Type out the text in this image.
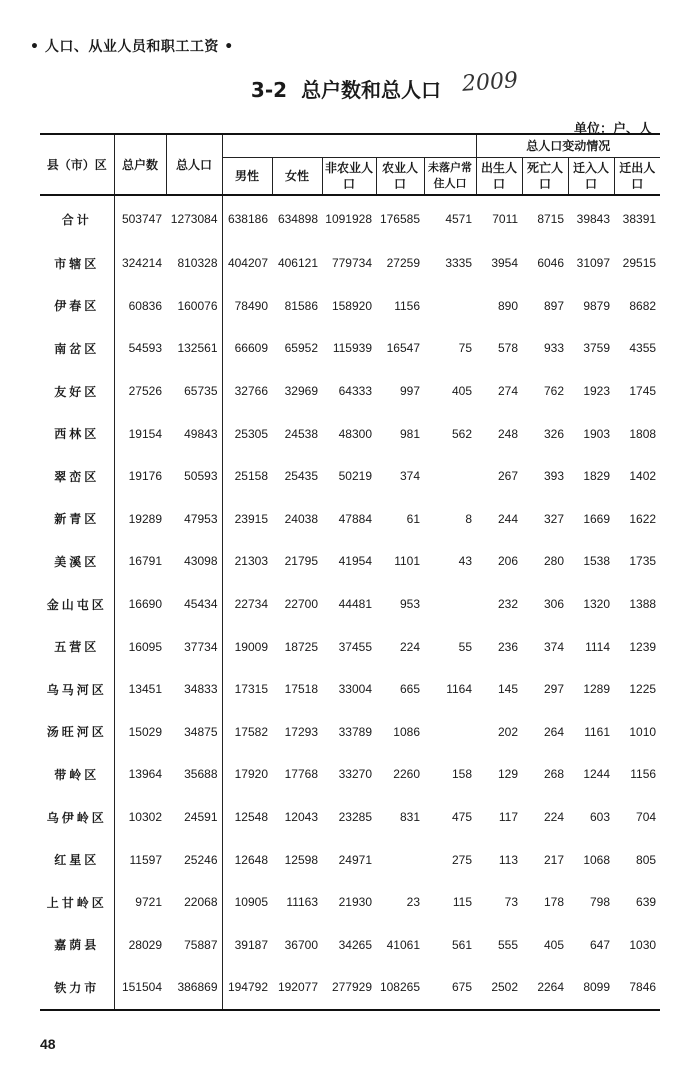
• 人口、从业人员和职工工资 •
3-2 总户数和总人口 2009
单位：户、人
县（市）区	总户数	总人口						总人口变动情况			
			男性	女性	非农业人口	农业人口	未落户常住人口	出生人口	死亡人口	迁入人口	迁出人口
合计	503747	1273084	638186	634898	1091928	176585	4571	7011	8715	39843	38391
市辖区	324214	810328	404207	406121	779734	27259	3335	3954	6046	31097	29515
伊春区	60836	160076	78490	81586	158920	1156		890	897	9879	8682
南岔区	54593	132561	66609	65952	115939	16547	75	578	933	3759	4355
友好区	27526	65735	32766	32969	64333	997	405	274	762	1923	1745
西林区	19154	49843	25305	24538	48300	981	562	248	326	1903	1808
翠峦区	19176	50593	25158	25435	50219	374		267	393	1829	1402
新青区	19289	47953	23915	24038	47884	61	8	244	327	1669	1622
美溪区	16791	43098	21303	21795	41954	1101	43	206	280	1538	1735
金山屯区	16690	45434	22734	22700	44481	953		232	306	1320	1388
五营区	16095	37734	19009	18725	37455	224	55	236	374	1114	1239
乌马河区	13451	34833	17315	17518	33004	665	1164	145	297	1289	1225
汤旺河区	15029	34875	17582	17293	33789	1086		202	264	1161	1010
带岭区	13964	35688	17920	17768	33270	2260	158	129	268	1244	1156
乌伊岭区	10302	24591	12548	12043	23285	831	475	117	224	603	704
红星区	11597	25246	12648	12598	24971		275	113	217	1068	805
上甘岭区	9721	22068	10905	11163	21930	23	115	73	178	798	639
嘉荫县	28029	75887	39187	36700	34265	41061	561	555	405	647	1030
铁力市	151504	386869	194792	192077	277929	108265	675	2502	2264	8099	7846
48
